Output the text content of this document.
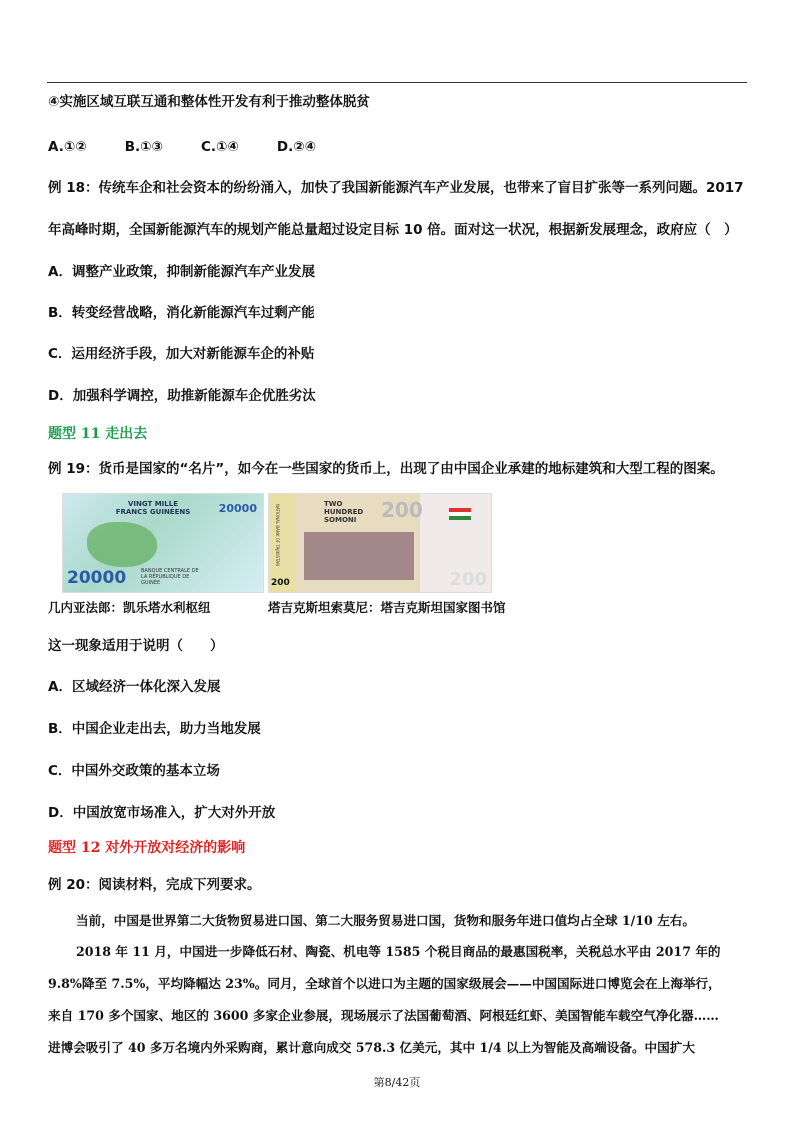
④实施区域互联互通和整体性开发有利于推动整体脱贫
A.①②	B.①③	C.①④	D.②④
例 18：传统车企和社会资本的纷纷涌入，加快了我国新能源汽车产业发展，也带来了盲目扩张等一系列问题。2017
年高峰时期，全国新能源汽车的规划产能总量超过设定目标 10 倍。面对这一状况，根据新发展理念，政府应（　）
A．调整产业政策，抑制新能源汽车产业发展
B．转变经营战略，消化新能源汽车过剩产能
C．运用经济手段，加大对新能源车企的补贴
D．加强科学调控，助推新能源车企优胜劣汰
题型 11 走出去
例 19：货币是国家的“名片”，如今在一些国家的货币上，出现了由中国企业承建的地标建筑和大型工程的图案。
VINGT MILLE FRANCS GUINÉENS	20000
20000	BANQUE CENTRALE DE LA RÉPUBLIQUE DE GUINÉE
TWO HUNDRED SOMONI	200
200	200
NATIONAL BANK OF TAJIKISTAN
几内亚法郎：凯乐塔水利枢纽	塔吉克斯坦索莫尼：塔吉克斯坦国家图书馆
这一现象适用于说明（　　）
A．区域经济一体化深入发展
B．中国企业走出去，助力当地发展
C．中国外交政策的基本立场
D．中国放宽市场准入，扩大对外开放
题型 12 对外开放对经济的影响
例 20：阅读材料，完成下列要求。
当前，中国是世界第二大货物贸易进口国、第二大服务贸易进口国，货物和服务年进口值均占全球 1/10 左右。
2018 年 11 月，中国进一步降低石材、陶瓷、机电等 1585 个税目商品的最惠国税率，关税总水平由 2017 年的
9.8%降至 7.5%，平均降幅达 23%。同月，全球首个以进口为主题的国家级展会——中国国际进口博览会在上海举行，
来自 170 多个国家、地区的 3600 多家企业参展，现场展示了法国葡萄酒、阿根廷红虾、美国智能车载空气净化器……
进博会吸引了 40 多万名境内外采购商，累计意向成交 578.3 亿美元，其中 1/4 以上为智能及高端设备。中国扩大
第8/42页
